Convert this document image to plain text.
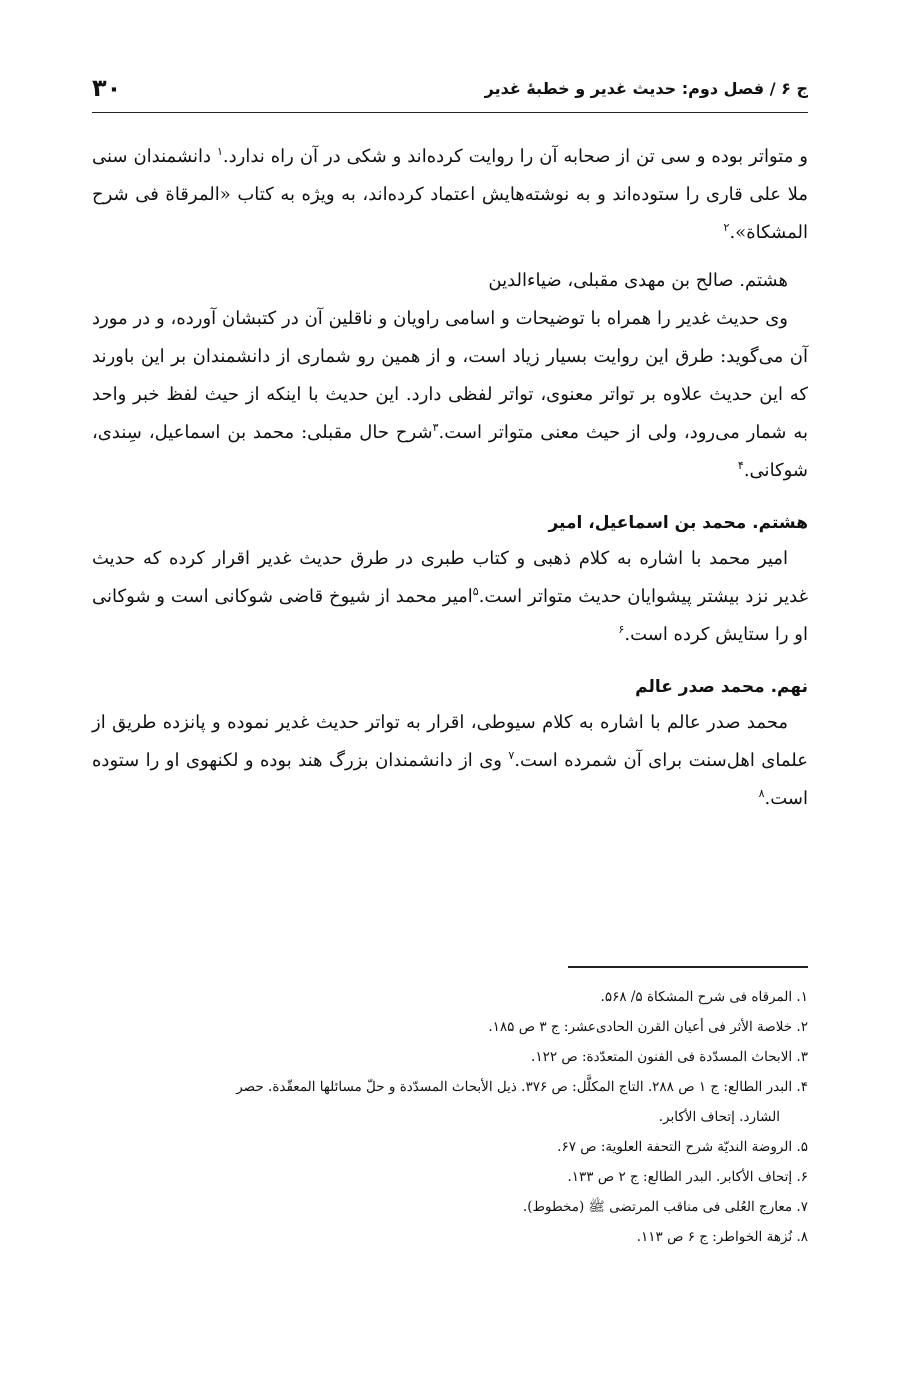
ج ۶ / فصل دوم: حدیث غدیر و خطبهٔ غدیر
۳۰

و متواتر بوده و سی تن از صحابه آن را روایت کرده‌اند و شکی در آن راه ندارد.$^۱$ دانشمندان سنی ملا علی قاری را ستوده‌اند و به نوشته‌هایش اعتماد کرده‌اند، به ویژه به کتاب «المرقاة فی شرح المشکاة».$^۲$

هشتم. صالح بن مهدی مقبلی، ضیاءالدین

وی حدیث غدیر را همراه با توضیحات و اسامی راویان و ناقلین آن در کتبشان آورده، و در مورد آن می‌گوید: طرق این روایت بسیار زیاد است، و از همین رو شماری از دانشمندان بر این باورند که این حدیث علاوه بر تواتر معنوی، تواتر لفظی دارد. این حدیث با اینکه از حیث لفظ خبر واحد به شمار می‌رود، ولی از حیث معنی متواتر است.$^۳$شرح حال مقبلی: محمد بن اسماعیل، سِندی، شوکانی.$^۴$

هشتم. محمد بن اسماعیل، امیر

امیر محمد با اشاره به کلام ذهبی و کتاب طبری در طرق حدیث غدیر اقرار کرده که حدیث غدیر نزد بیشتر پیشوایان حدیث متواتر است.$^۵$امیر محمد از شیوخ قاضی شوکانی است و شوکانی او را ستایش کرده است.$^۶$

نهم. محمد صدر عالم

محمد صدر عالم با اشاره به کلام سیوطی، اقرار به تواتر حدیث غدیر نموده و پانزده طریق از علمای اهل‌سنت برای آن شمرده است.$^۷$ وی از دانشمندان بزرگ هند بوده و لکنهوی او را ستوده است.$^۸$

۱. المرقاه فی شرح المشکاة ۵/ ۵۶۸.

۲. خلاصة الأثر فی أعیان القرن الحادی‌عشر: ج ۳ ص ۱۸۵.

۳. الابحاث المسدّدة فی الفنون المتعدّدة: ص ۱۲۲.

۴. البدر الطالع: ج ۱ ص ۲۸۸. التاج المکلَّل: ص ۳۷۶. ذیل الأبحاث المسدّدة و حلّ مسائلها المعقّدة. حصر

الشارد. إتحاف الأکابر.

۵. الروضة الندیّة شرح التحفة العلویة: ص ۶۷.

۶. إتحاف الأکابر. البدر الطالع: ج ۲ ص ۱۳۳.

۷. معارج العُلی فی مناقب المرتضی ﷺ (مخطوط).

۸. نُزهة الخواطر: ج ۶ ص ۱۱۳.
